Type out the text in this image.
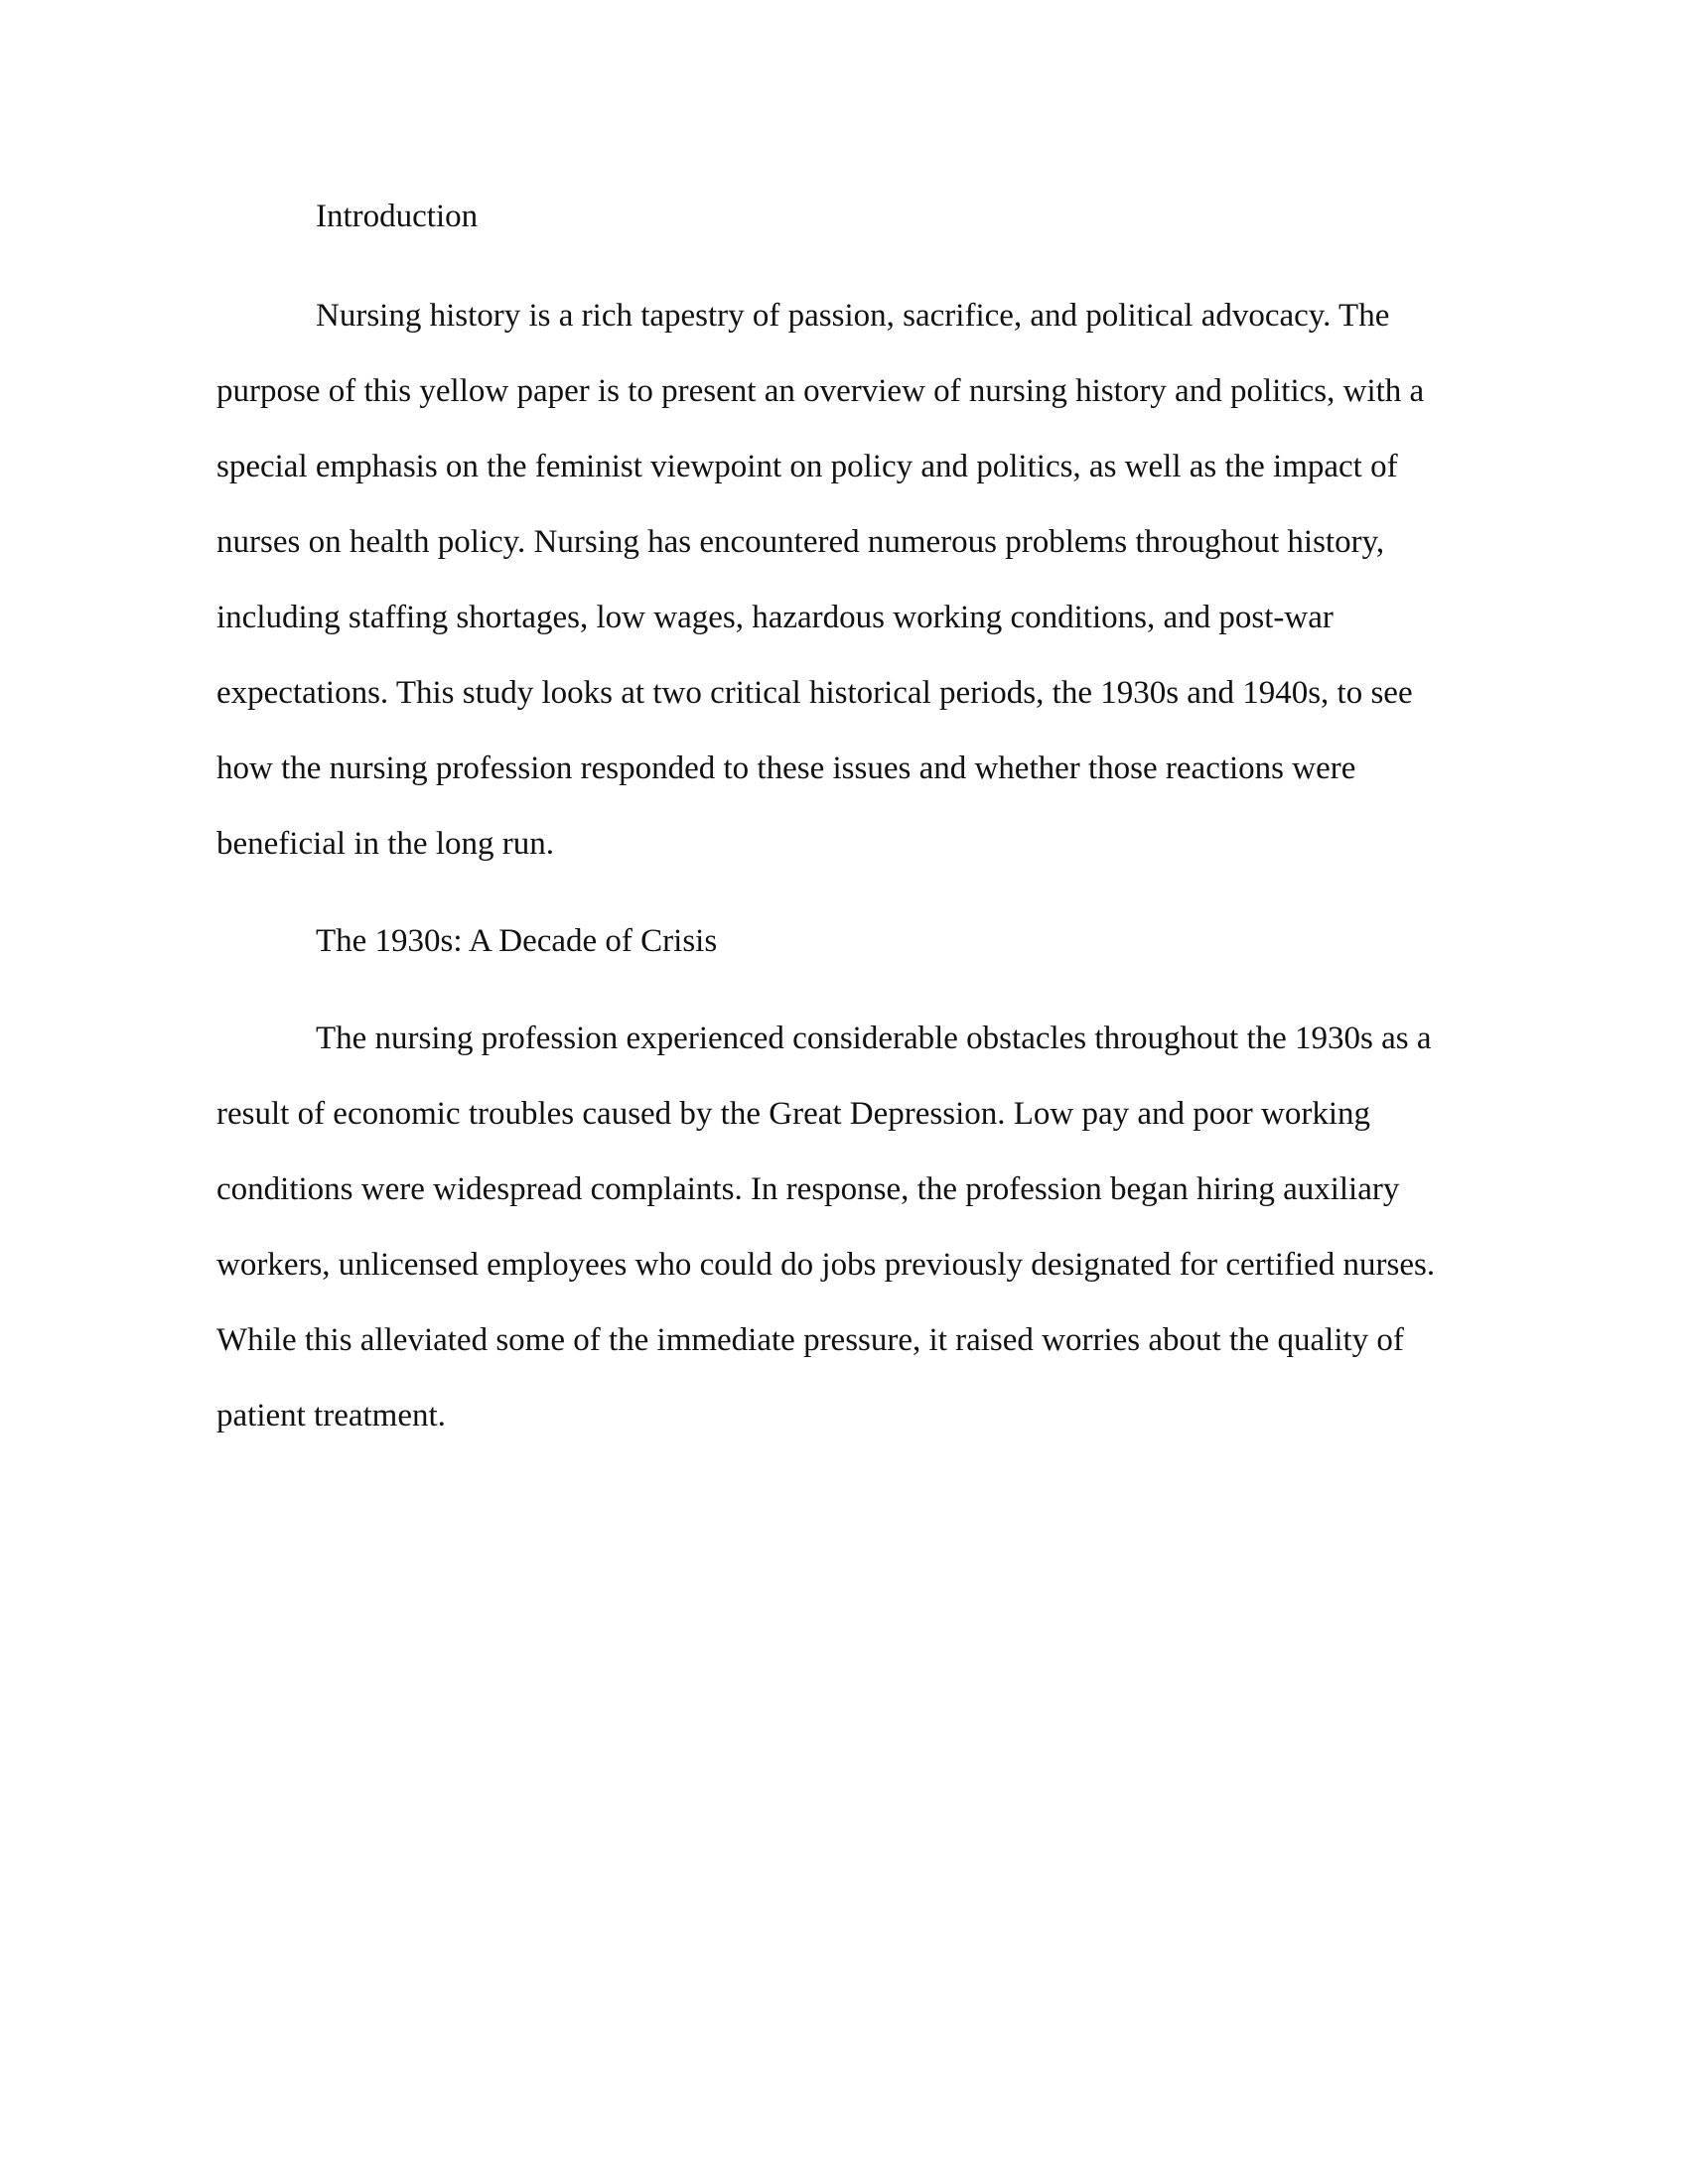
Introduction

Nursing history is a rich tapestry of passion, sacrifice, and political advocacy. The

purpose of this yellow paper is to present an overview of nursing history and politics, with a

special emphasis on the feminist viewpoint on policy and politics, as well as the impact of

nurses on health policy. Nursing has encountered numerous problems throughout history,

including staffing shortages, low wages, hazardous working conditions, and post-war

expectations. This study looks at two critical historical periods, the 1930s and 1940s, to see

how the nursing profession responded to these issues and whether those reactions were

beneficial in the long run.

The 1930s: A Decade of Crisis

The nursing profession experienced considerable obstacles throughout the 1930s as a

result of economic troubles caused by the Great Depression. Low pay and poor working

conditions were widespread complaints. In response, the profession began hiring auxiliary

workers, unlicensed employees who could do jobs previously designated for certified nurses.

While this alleviated some of the immediate pressure, it raised worries about the quality of

patient treatment.
